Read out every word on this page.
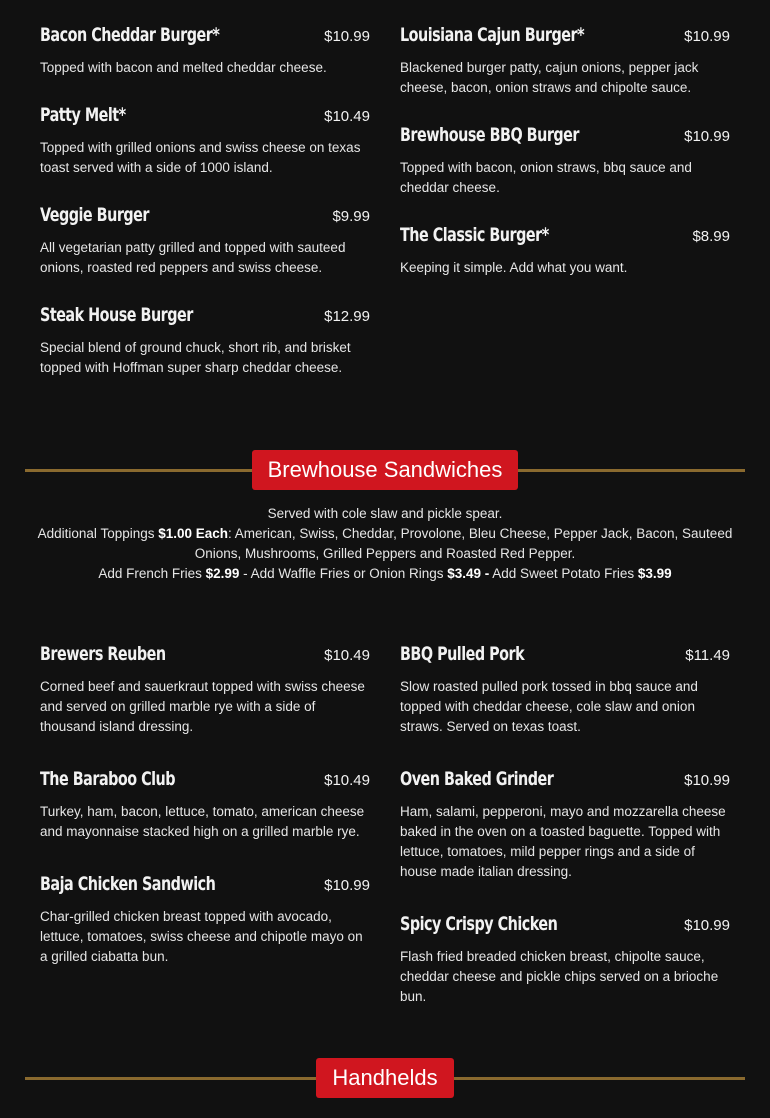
Bacon Cheddar Burger*	$10.99
Topped with bacon and melted cheddar cheese.
Patty Melt*	$10.49
Topped with grilled onions and swiss cheese on texas toast served with a side of 1000 island.
Veggie Burger	$9.99
All vegetarian patty grilled and topped with sauteed onions, roasted red peppers and swiss cheese.
Steak House Burger	$12.99
Special blend of ground chuck, short rib, and brisket topped with Hoffman super sharp cheddar cheese.
Louisiana Cajun Burger*	$10.99
Blackened burger patty, cajun onions, pepper jack cheese, bacon, onion straws and chipolte sauce.
Brewhouse BBQ Burger	$10.99
Topped with bacon, onion straws, bbq sauce and cheddar cheese.
The Classic Burger*	$8.99
Keeping it simple. Add what you want.
Brewhouse Sandwiches
Served with cole slaw and pickle spear.
Additional Toppings $1.00 Each: American, Swiss, Cheddar, Provolone, Bleu Cheese, Pepper Jack, Bacon, Sauteed Onions, Mushrooms, Grilled Peppers and Roasted Red Pepper.
Add French Fries $2.99 - Add Waffle Fries or Onion Rings $3.49 - Add Sweet Potato Fries $3.99
Brewers Reuben	$10.49
Corned beef and sauerkraut topped with swiss cheese and served on grilled marble rye with a side of thousand island dressing.
The Baraboo Club	$10.49
Turkey, ham, bacon, lettuce, tomato, american cheese and mayonnaise stacked high on a grilled marble rye.
Baja Chicken Sandwich	$10.99
Char-grilled chicken breast topped with avocado, lettuce, tomatoes, swiss cheese and chipotle mayo on a grilled ciabatta bun.
BBQ Pulled Pork	$11.49
Slow roasted pulled pork tossed in bbq sauce and topped with cheddar cheese, cole slaw and onion straws. Served on texas toast.
Oven Baked Grinder	$10.99
Ham, salami, pepperoni, mayo and mozzarella cheese baked in the oven on a toasted baguette. Topped with lettuce, tomatoes, mild pepper rings and a side of house made italian dressing.
Spicy Crispy Chicken	$10.99
Flash fried breaded chicken breast, chipolte sauce, cheddar cheese and pickle chips served on a brioche bun.
Handhelds
